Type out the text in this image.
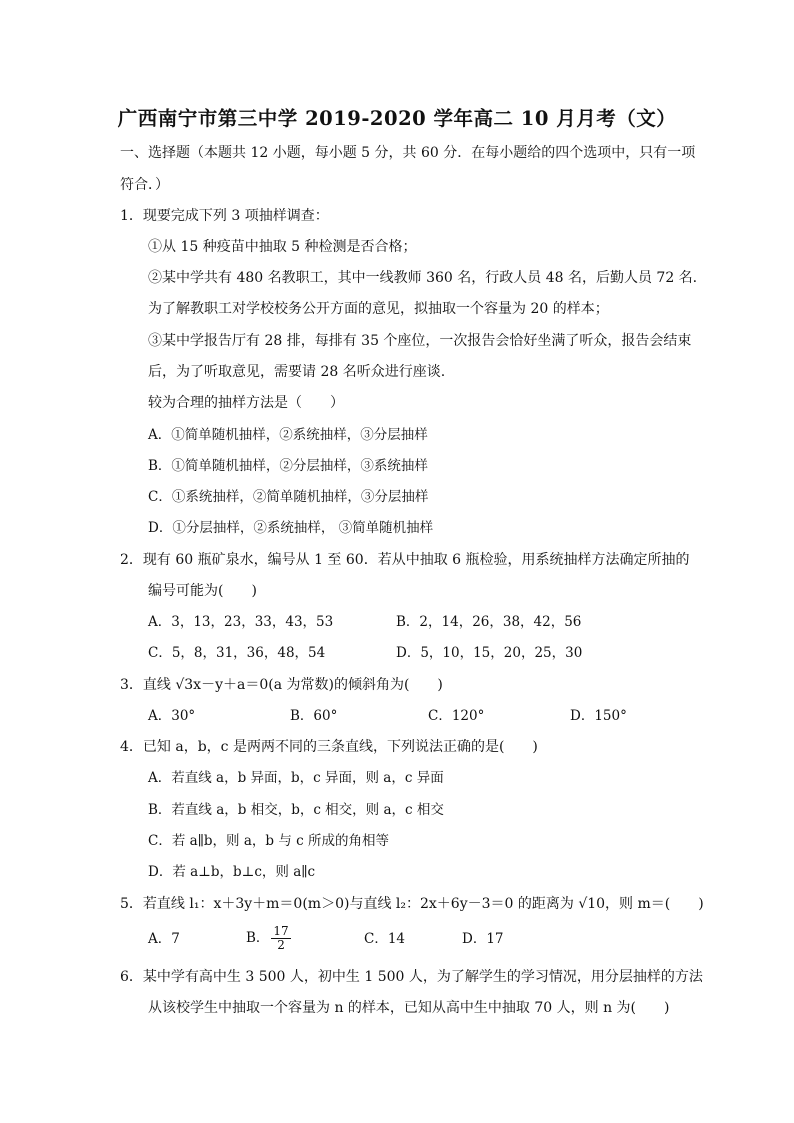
广西南宁市第三中学 2019-2020 学年高二 10 月月考（文）
一、选择题（本题共 12 小题，每小题 5 分，共 60 分．在每小题给的四个选项中，只有一项
符合．）
1．现要完成下列 3 项抽样调查：
①从 15 种疫苗中抽取 5 种检测是否合格；
②某中学共有 480 名教职工，其中一线教师 360 名，行政人员 48 名，后勤人员 72 名.
为了解教职工对学校校务公开方面的意见，拟抽取一个容量为 20 的样本；
③某中学报告厅有 28 排，每排有 35 个座位，一次报告会恰好坐满了听众，报告会结束
后，为了听取意见，需要请 28 名听众进行座谈.
较为合理的抽样方法是（　　）
A．①简单随机抽样，②系统抽样，③分层抽样
B．①简单随机抽样，②分层抽样，③系统抽样
C．①系统抽样，②简单随机抽样，③分层抽样
D．①分层抽样，②系统抽样， ③简单随机抽样
2．现有 60 瓶矿泉水，编号从 1 至 60．若从中抽取 6 瓶检验，用系统抽样方法确定所抽的
编号可能为(　　)
A．3，13，23，33，43，53	B．2，14，26，38，42，56
C．5，8，31，36，48，54	D．5，10，15，20，25，30
3．直线 √3x－y＋a＝0(a 为常数)的倾斜角为(　　)
A．30°	B．60°	C．120°	D．150°
4．已知 a，b，c 是两两不同的三条直线，下列说法正确的是(　　)
A．若直线 a，b 异面，b，c 异面，则 a，c 异面
B．若直线 a，b 相交，b，c 相交，则 a，c 相交
C．若 a∥b，则 a，b 与 c 所成的角相等
D．若 a⊥b，b⊥c，则 a∥c
5．若直线 l₁：x＋3y＋m＝0(m＞0)与直线 l₂：2x＋6y－3＝0 的距离为 √10，则 m＝(　　)
A．7	B． $\frac{17}{2}$	C．14	D．17
6．某中学有高中生 3 500 人，初中生 1 500 人，为了解学生的学习情况，用分层抽样的方法
从该校学生中抽取一个容量为 n 的样本，已知从高中生中抽取 70 人，则 n 为(　　)
